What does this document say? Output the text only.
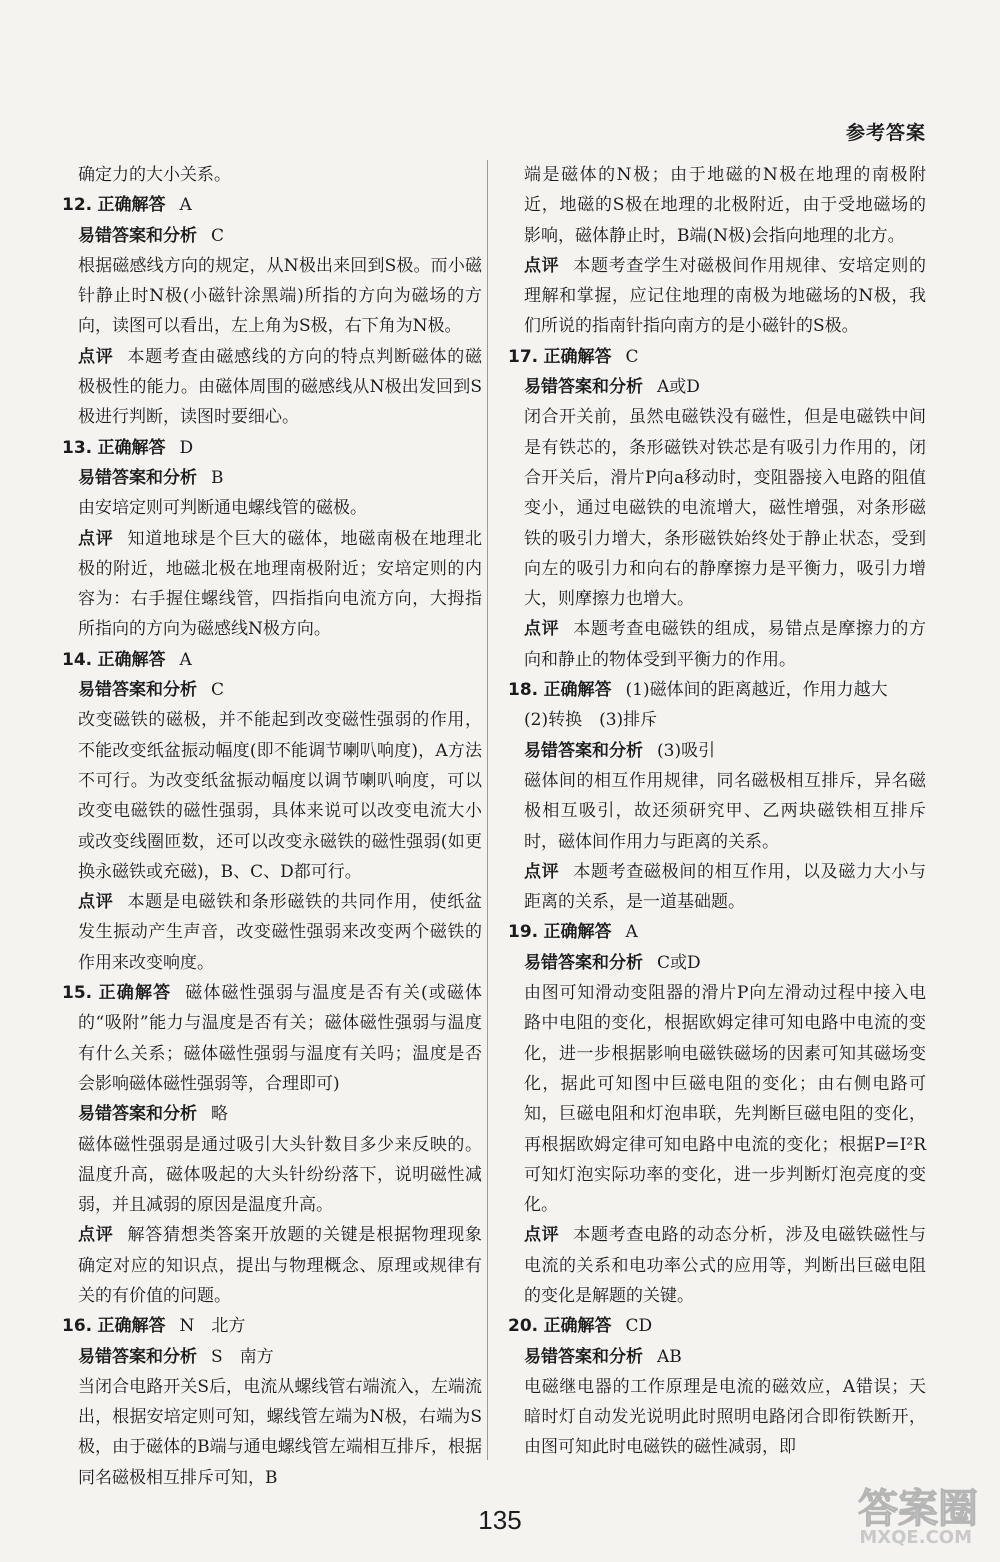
参考答案

确定力的大小关系。

12. 正确解答 A

易错答案和分析 C

根据磁感线方向的规定，从N极出来回到S极。而小磁针静止时N极(小磁针涂黑端)所指的方向为磁场的方向，读图可以看出，左上角为S极，右下角为N极。

点评 本题考查由磁感线的方向的特点判断磁体的磁极极性的能力。由磁体周围的磁感线从N极出发回到S极进行判断，读图时要细心。

13. 正确解答 D

易错答案和分析 B

由安培定则可判断通电螺线管的磁极。

点评 知道地球是个巨大的磁体，地磁南极在地理北极的附近，地磁北极在地理南极附近；安培定则的内容为：右手握住螺线管，四指指向电流方向，大拇指所指向的方向为磁感线N极方向。

14. 正确解答 A

易错答案和分析 C

改变磁铁的磁极，并不能起到改变磁性强弱的作用，不能改变纸盆振动幅度(即不能调节喇叭响度)，A方法不可行。为改变纸盆振动幅度以调节喇叭响度，可以改变电磁铁的磁性强弱，具体来说可以改变电流大小或改变线圈匝数，还可以改变永磁铁的磁性强弱(如更换永磁铁或充磁)，B、C、D都可行。

点评 本题是电磁铁和条形磁铁的共同作用，使纸盆发生振动产生声音，改变磁性强弱来改变两个磁铁的作用来改变响度。

15. 正确解答 磁体磁性强弱与温度是否有关(或磁体的“吸附”能力与温度是否有关；磁体磁性强弱与温度有什么关系；磁体磁性强弱与温度有关吗；温度是否会影响磁体磁性强弱等，合理即可)

易错答案和分析 略

磁体磁性强弱是通过吸引大头针数目多少来反映的。温度升高，磁体吸起的大头针纷纷落下，说明磁性减弱，并且减弱的原因是温度升高。

点评 解答猜想类答案开放题的关键是根据物理现象确定对应的知识点，提出与物理概念、原理或规律有关的有价值的问题。

16. 正确解答 N　北方

易错答案和分析 S　南方

当闭合电路开关S后，电流从螺线管右端流入，左端流出，根据安培定则可知，螺线管左端为N极，右端为S极，由于磁体的B端与通电螺线管左端相互排斥，根据同名磁极相互排斥可知，B

端是磁体的N极；由于地磁的N极在地理的南极附近，地磁的S极在地理的北极附近，由于受地磁场的影响，磁体静止时，B端(N极)会指向地理的北方。

点评 本题考查学生对磁极间作用规律、安培定则的理解和掌握，应记住地理的南极为地磁场的N极，我们所说的指南针指向南方的是小磁针的S极。

17. 正确解答 C

易错答案和分析 A或D

闭合开关前，虽然电磁铁没有磁性，但是电磁铁中间是有铁芯的，条形磁铁对铁芯是有吸引力作用的，闭合开关后，滑片P向a移动时，变阻器接入电路的阻值变小，通过电磁铁的电流增大，磁性增强，对条形磁铁的吸引力增大，条形磁铁始终处于静止状态，受到向左的吸引力和向右的静摩擦力是平衡力，吸引力增大，则摩擦力也增大。

点评 本题考查电磁铁的组成，易错点是摩擦力的方向和静止的物体受到平衡力的作用。

18. 正确解答 (1)磁体间的距离越近，作用力越大

(2)转换　(3)排斥

易错答案和分析 (3)吸引

磁体间的相互作用规律，同名磁极相互排斥，异名磁极相互吸引，故还须研究甲、乙两块磁铁相互排斥时，磁体间作用力与距离的关系。

点评 本题考查磁极间的相互作用，以及磁力大小与距离的关系，是一道基础题。

19. 正确解答 A

易错答案和分析 C或D

由图可知滑动变阻器的滑片P向左滑动过程中接入电路中电阻的变化，根据欧姆定律可知电路中电流的变化，进一步根据影响电磁铁磁场的因素可知其磁场变化，据此可知图中巨磁电阻的变化；由右侧电路可知，巨磁电阻和灯泡串联，先判断巨磁电阻的变化，再根据欧姆定律可知电路中电流的变化；根据P=I²R可知灯泡实际功率的变化，进一步判断灯泡亮度的变化。

点评 本题考查电路的动态分析，涉及电磁铁磁性与电流的关系和电功率公式的应用等，判断出巨磁电阻的变化是解题的关键。

20. 正确解答 CD

易错答案和分析 AB

电磁继电器的工作原理是电流的磁效应，A错误；天暗时灯自动发光说明此时照明电路闭合即衔铁断开，由图可知此时电磁铁的磁性减弱，即

135	答案圈
MXQE.COM
